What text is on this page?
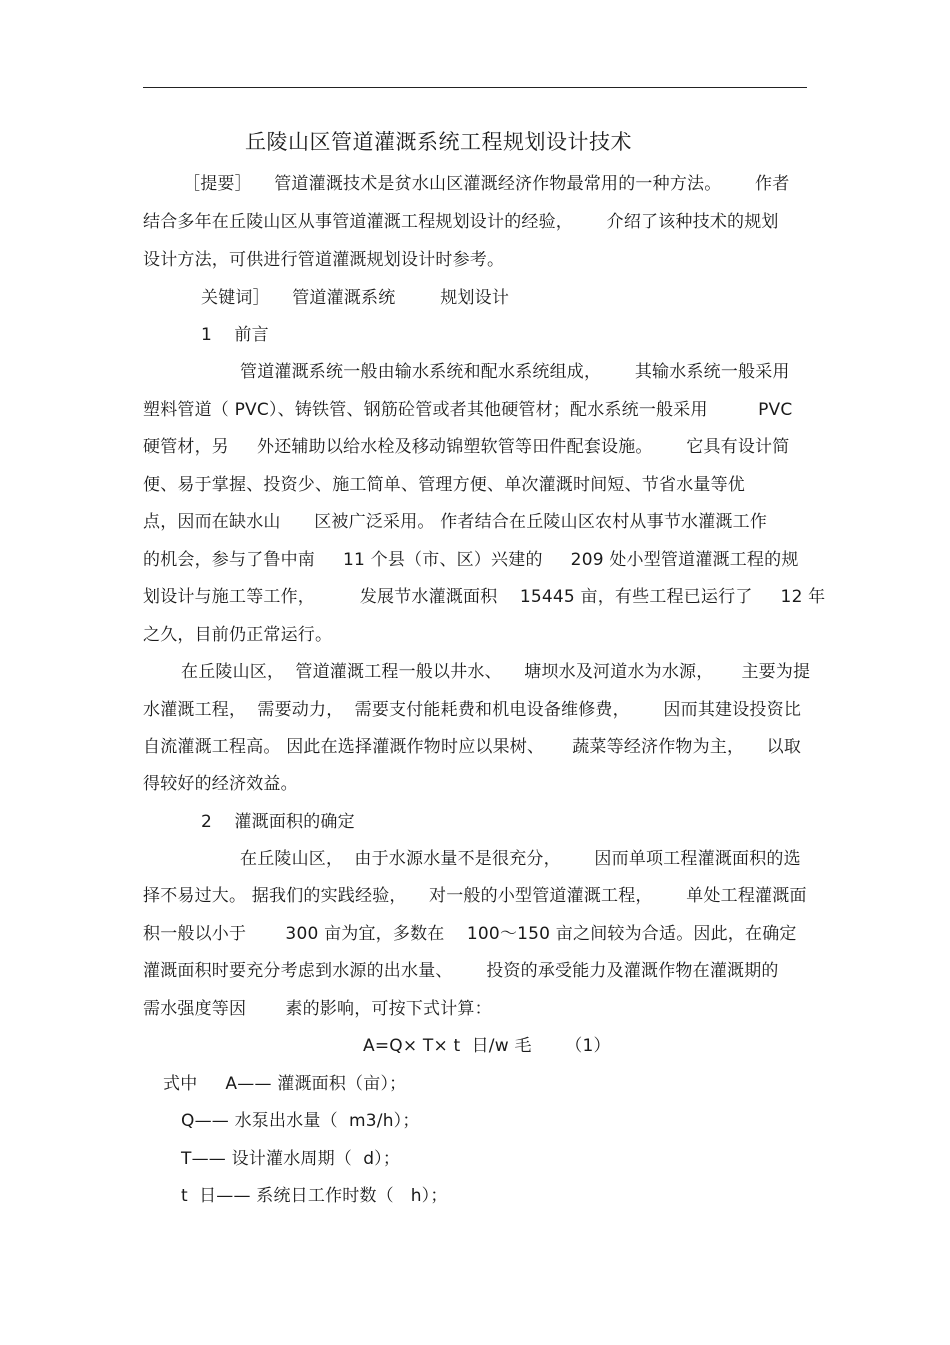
丘陵山区管道灌溉系统工程规划设计技术
［提要］    管道灌溉技术是贫水山区灌溉经济作物最常用的一种方法。      作者
结合多年在丘陵山区从事管道灌溉工程规划设计的经验，      介绍了该种技术的规划
设计方法，可供进行管道灌溉规划设计时参考。
关键词］    管道灌溉系统        规划设计
1    前言
管道灌溉系统一般由输水系统和配水系统组成，      其输水系统一般采用
塑料管道（ PVC）、铸铁管、钢筋砼管或者其他硬管材；配水系统一般采用         PVC
硬管材，另     外还辅助以给水栓及移动锦塑软管等田件配套设施。      它具有设计简
便、易于掌握、投资少、施工简单、管理方便、单次灌溉时间短、节省水量等优
点，因而在缺水山      区被广泛采用。 作者结合在丘陵山区农村从事节水灌溉工作
的机会，参与了鲁中南     11 个县（市、区）兴建的     209 处小型管道灌溉工程的规
划设计与施工等工作，        发展节水灌溉面积    15445 亩，有些工程已运行了     12 年
之久，目前仍正常运行。
在丘陵山区，  管道灌溉工程一般以井水、    塘坝水及河道水为水源，     主要为提
水灌溉工程，  需要动力，  需要支付能耗费和机电设备维修费，      因而其建设投资比
自流灌溉工程高。 因此在选择灌溉作物时应以果树、     蔬菜等经济作物为主，    以取
得较好的经济效益。
2    灌溉面积的确定
在丘陵山区，  由于水源水量不是很充分，      因而单项工程灌溉面积的选
择不易过大。 据我们的实践经验，    对一般的小型管道灌溉工程，      单处工程灌溉面
积一般以小于       300 亩为宜，多数在    100～150 亩之间较为合适。因此，在确定
灌溉面积时要充分考虑到水源的出水量、      投资的承受能力及灌溉作物在灌溉期的
需水强度等因       素的影响，可按下式计算：
A=Q× T× t  日/w 毛      （1）
式中     A—— 灌溉面积（亩）；
Q—— 水泵出水量（  m3/h）；
T—— 设计灌水周期（  d）；
t  日—— 系统日工作时数（   h）；
